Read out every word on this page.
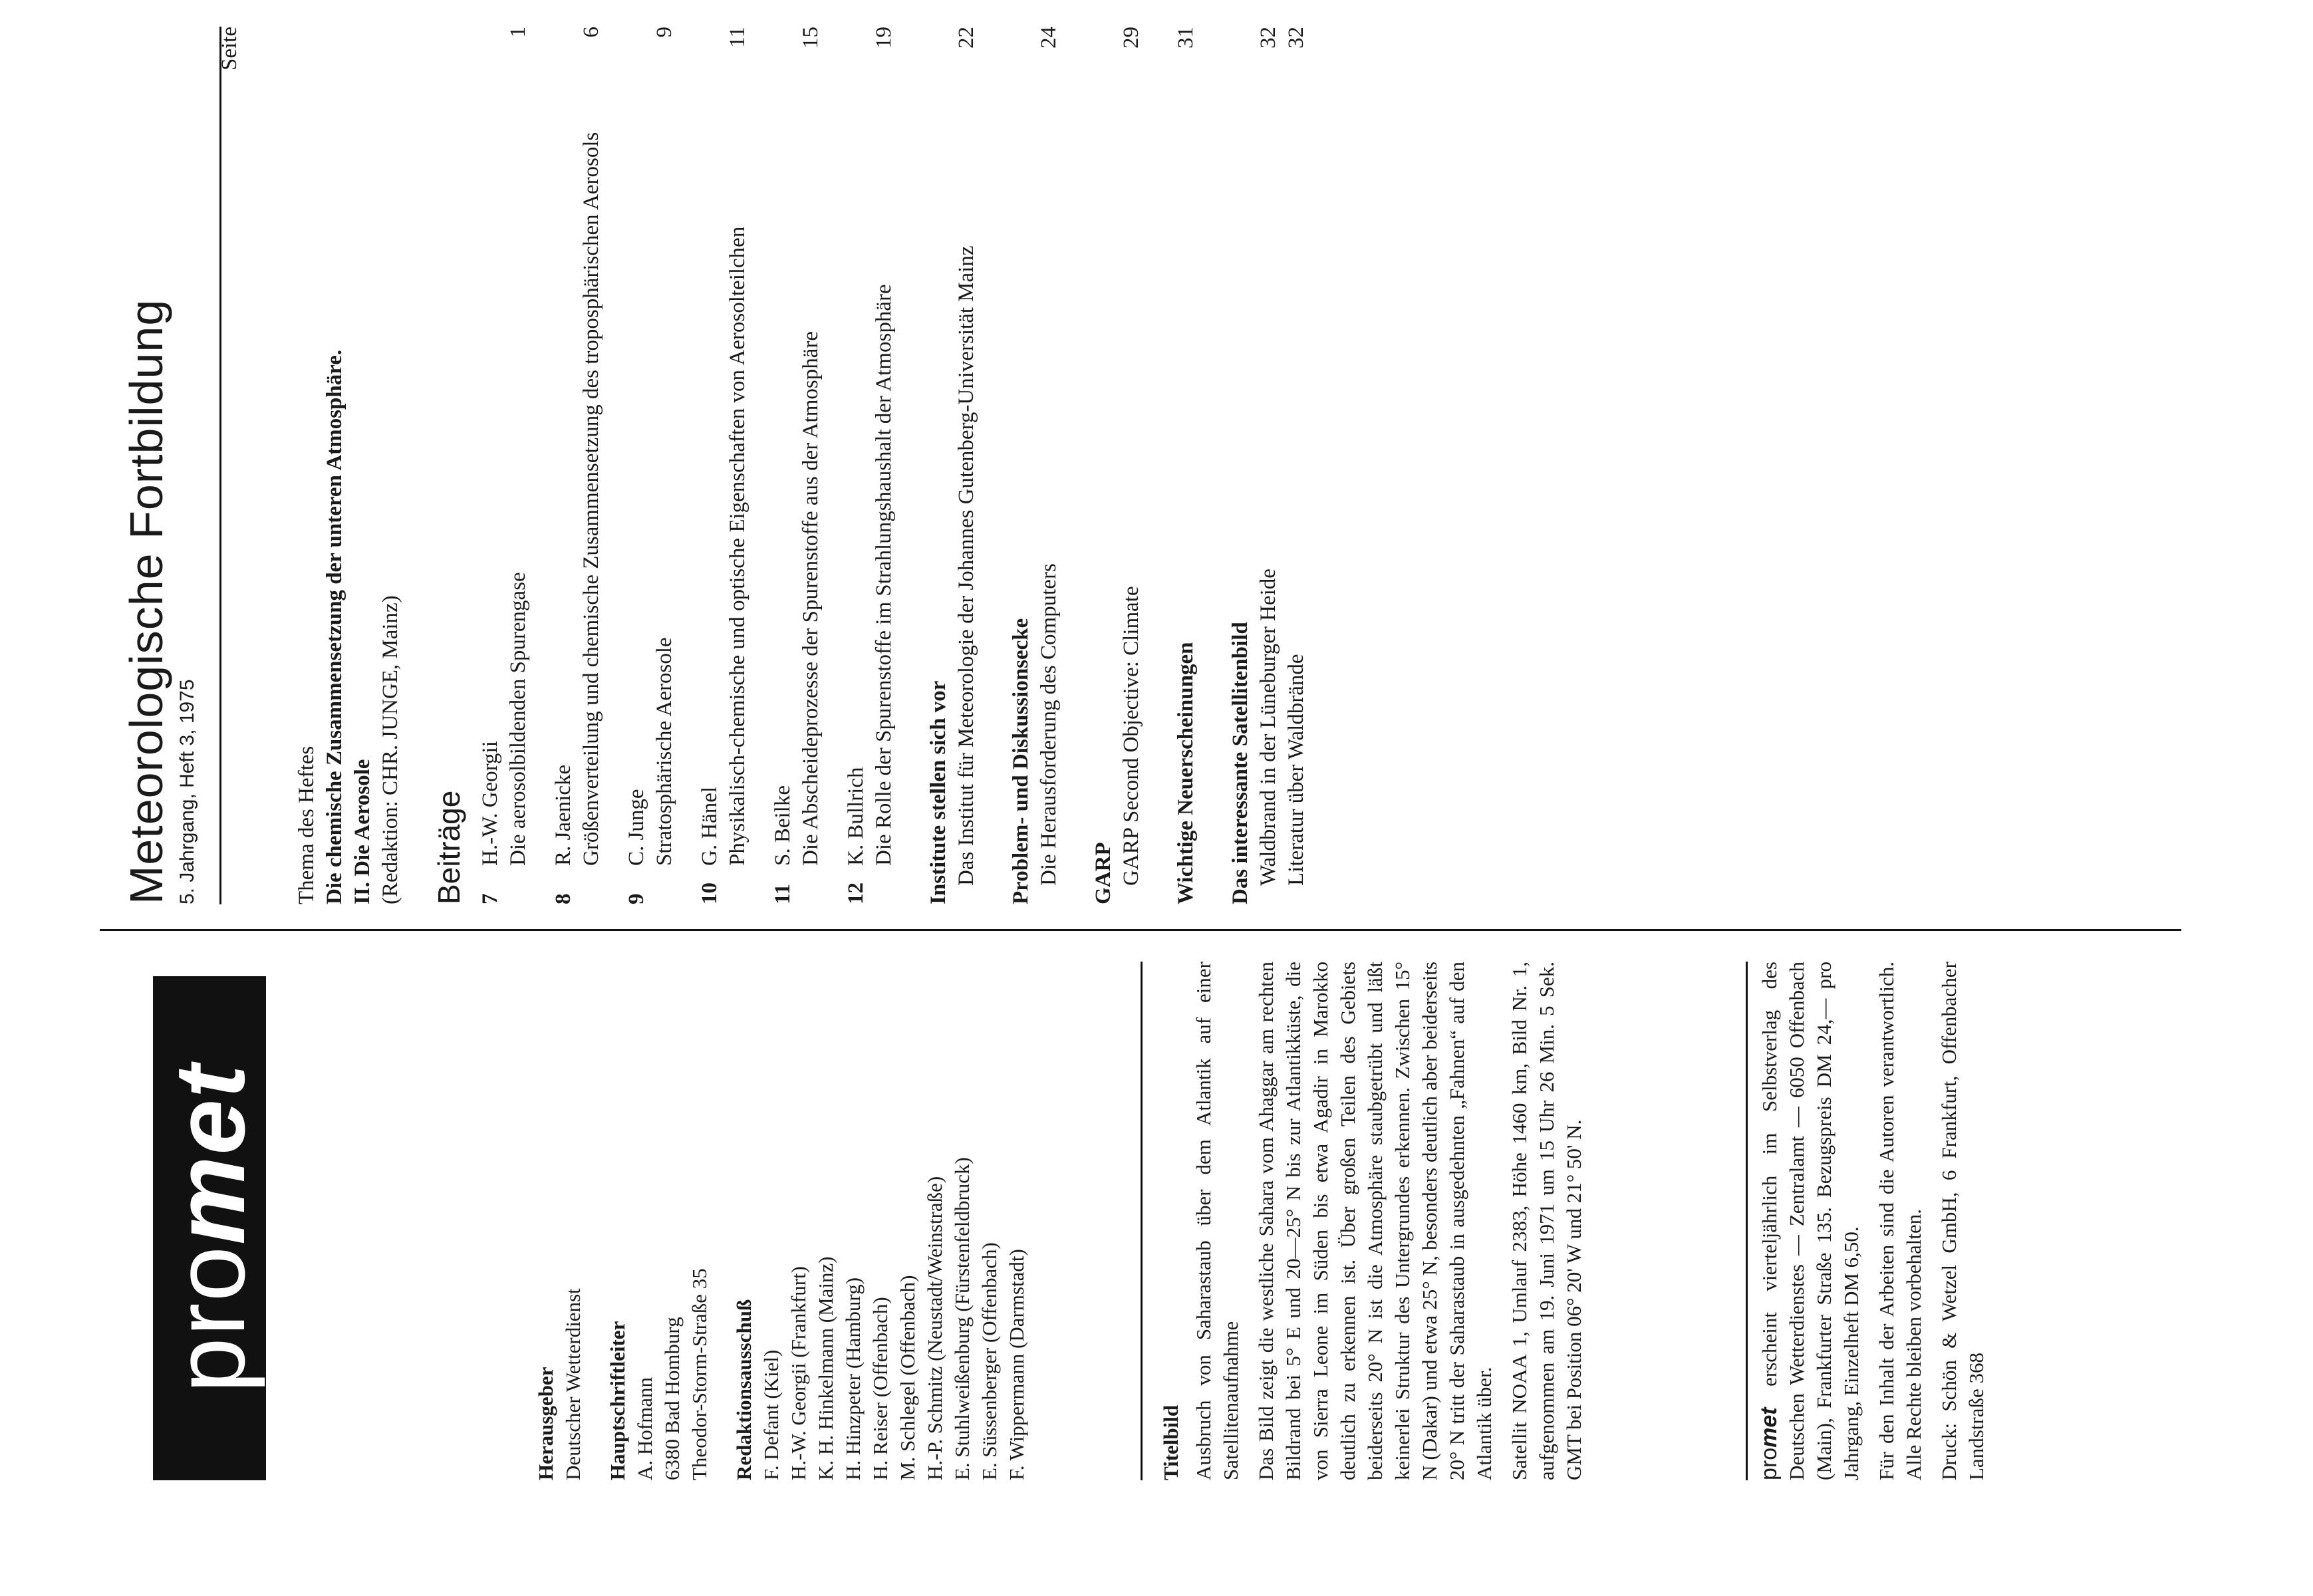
pro
met
Herausgeber Deutscher Wetterdienst Hauptschriftleiter A. Hofmann 6380 Bad Homburg Theodor-Storm-Straße 35 Redaktionsausschuß F. Defant (Kiel) H.-W. Georgii (Frankfurt) K. H. Hinkelmann (Mainz) H. Hinzpeter (Hamburg) H. Reiser (Offenbach) M. Schlegel (Offenbach) H.-P. Schmitz (Neustadt/Weinstraße) E. Stuhlweißenburg (Fürstenfeldbruck) E. Süssenberger (Offenbach) F. Wippermann (Darmstadt)	Titelbild Ausbruch von Saharastaub über dem Atlantik auf einer Satellitenaufnahme Das Bild zeigt die westliche Sahara vom Ahaggar am rechten Bildrand bei 5° E und 20—25° N bis zur Atlantikküste, die von Sierra Leone im Süden bis etwa Agadir in Marokko deutlich zu erkennen ist. Über großen Teilen des Gebiets beiderseits 20° N ist die Atmosphäre staubgetrübt und läßt keinerlei Struktur des Untergrundes erkennen. Zwischen 15° N (Dakar) und etwa 25° N, besonders deutlich aber beiderseits 20° N tritt der Saharastaub in ausgedehnten „Fahnen“ auf den Atlantik über. Satellit NOAA 1, Umlauf 2383, Höhe 1460 km, Bild Nr. 1, aufgenommen am 19. Juni 1971 um 15 Uhr 26 Min. 5 Sek. GMT bei Position 06° 20' W und 21° 50' N.	promet erscheint vierteljährlich im Selbstverlag des Deutschen Wetterdienstes — Zentralamt — 6050 Offenbach (Main), Frankfurter Straße 135. Bezugspreis DM 24,— pro Jahrgang, Einzelheft DM 6,50. Für den Inhalt der Arbeiten sind die Autoren verantwortlich. Alle Rechte bleiben vorbehalten. Druck: Schön & Wetzel GmbH, 6 Frankfurt, Offenbacher Landstraße 368

Meteorologische Fortbildung 5. Jahrgang, Heft 3, 1975	Thema des Heftes Die chemische Zusammensetzung der unteren Atmosphäre. II. Die Aerosole (Redaktion: CHR. JUNGE, Mainz) Beiträge
Seite
7
H.-W. Georgii Die aerosolbildenden Spurengase
1
8
R. Jaenicke Größenverteilung und chemische Zusammensetzung des troposphärischen Aerosols
6
9
C. Junge Stratosphärische Aerosole
9
10
G. Hänel Physikalisch-chemische und optische Eigenschaften von Aerosolteilchen
11
11
S. Beilke Die Abscheideprozesse der Spurenstoffe aus der Atmosphäre
15
12
K. Bullrich Die Rolle der Spurenstoffe im Strahlungshaushalt der Atmosphäre
19
Institute stellen sich vor Das Institut für Meteorologie der Johannes Gutenberg-Universität Mainz
22
Problem- und Diskussionsecke Die Herausforderung des Computers
24
GARP GARP Second Objective: Climate
29
Wichtige Neuerscheinungen
31
Das interessante Satellitenbild Waldbrand in der Lüneburger Heide
32
Literatur über Waldbrände
32
